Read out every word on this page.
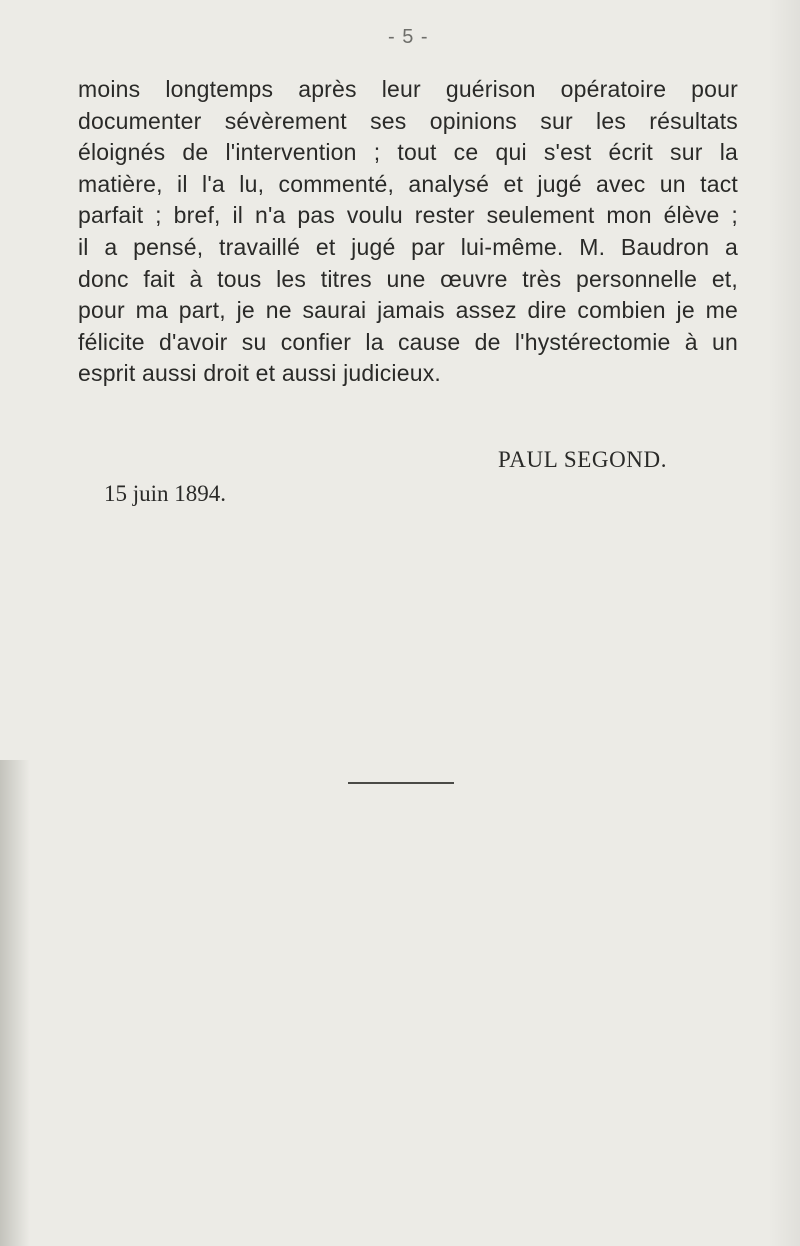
- 5 -

moins longtemps après leur guérison opératoire pour
documenter sévèrement ses opinions sur les résultats
éloignés de l'intervention ; tout ce qui s'est écrit sur la
matière, il l'a lu, commenté, analysé et jugé avec un tact
parfait ; bref, il n'a pas voulu rester seulement mon élève ;
il a pensé, travaillé et jugé par lui-même. M. Baudron a
donc fait à tous les titres une œuvre très personnelle et,
pour ma part, je ne saurai jamais assez dire combien je me
félicite d'avoir su confier la cause de l'hystérectomie à un
esprit aussi droit et aussi judicieux.

PAUL SEGOND.
15 juin 1894.
